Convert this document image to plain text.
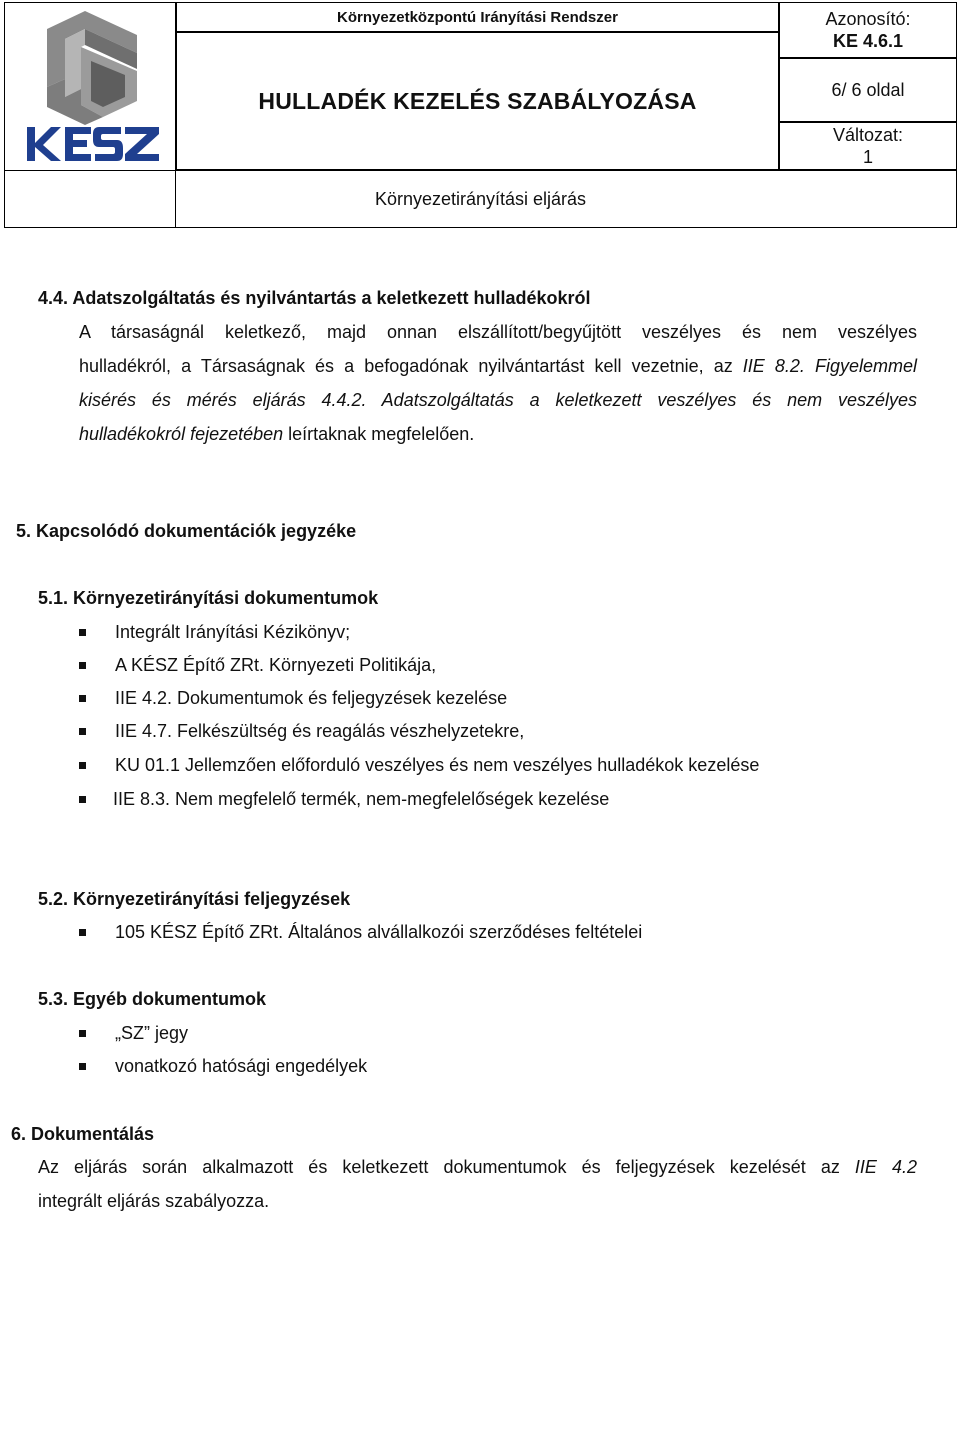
Környezetközpontú Irányítási Rendszer
HULLADÉK KEZELÉS SZABÁLYOZÁSA
Azonosító:
KE 4.6.1
6/ 6 oldal
Változat:
1
Környezetirányítási eljárás
4.4. Adatszolgáltatás és nyilvántartás a keletkezett hulladékokról
A társaságnál keletkező, majd onnan elszállított/begyűjtött veszélyes és nem veszélyes
hulladékról, a Társaságnak és a befogadónak nyilvántartást kell vezetnie, az IIE 8.2. Figyelemmel
kisérés és mérés eljárás 4.4.2. Adatszolgáltatás a keletkezett veszélyes és nem veszélyes
hulladékokról fejezetében leírtaknak megfelelően.
5. Kapcsolódó dokumentációk jegyzéke
5.1. Környezetirányítási dokumentumok
Integrált Irányítási Kézikönyv;
A KÉSZ Építő ZRt. Környezeti Politikája,
IIE 4.2. Dokumentumok és feljegyzések kezelése
IIE 4.7. Felkészültség és reagálás vészhelyzetekre,
KU 01.1 Jellemzően előforduló veszélyes és nem veszélyes hulladékok kezelése
IIE 8.3. Nem megfelelő termék, nem-megfelelőségek kezelése
5.2. Környezetirányítási feljegyzések
105 KÉSZ Építő ZRt. Általános alvállalkozói szerződéses feltételei
5.3. Egyéb dokumentumok
„SZ” jegy
vonatkozó hatósági engedélyek
6. Dokumentálás
Az eljárás során alkalmazott és keletkezett dokumentumok és feljegyzések kezelését az IIE 4.2
integrált eljárás szabályozza.
